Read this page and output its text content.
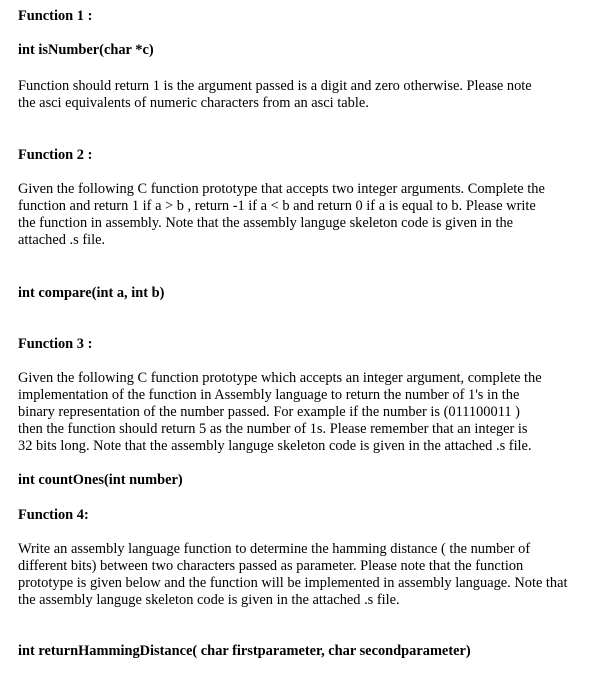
Function 1 :

int isNumber(char *c)

Function should return 1 is the argument passed is a digit and zero otherwise. Please note

the asci equivalents of numeric characters from an asci table.

Function 2 :

Given the following C function prototype that accepts two integer arguments. Complete the

function and return 1 if a > b , return -1 if a < b and return 0 if a is equal to b. Please write

the function in assembly. Note that the assembly languge skeleton code is given in the

attached .s file.

int compare(int a, int b)

Function 3 :

Given the following C function prototype which accepts an integer argument, complete the

implementation of the function in Assembly language to return the number of 1's in the

binary representation of the number passed. For example if the number is (011100011 )

then the function should return 5 as the number of 1s. Please remember that an integer is

32 bits long. Note that the assembly languge skeleton code is given in the attached .s file.

int countOnes(int number)

Function 4:

Write an assembly language function to determine the hamming distance ( the number of

different bits) between two characters passed as parameter. Please note that the function

prototype is given below and the function will be implemented in assembly language. Note that

the assembly languge skeleton code is given in the attached .s file.

int returnHammingDistance( char firstparameter, char secondparameter)
